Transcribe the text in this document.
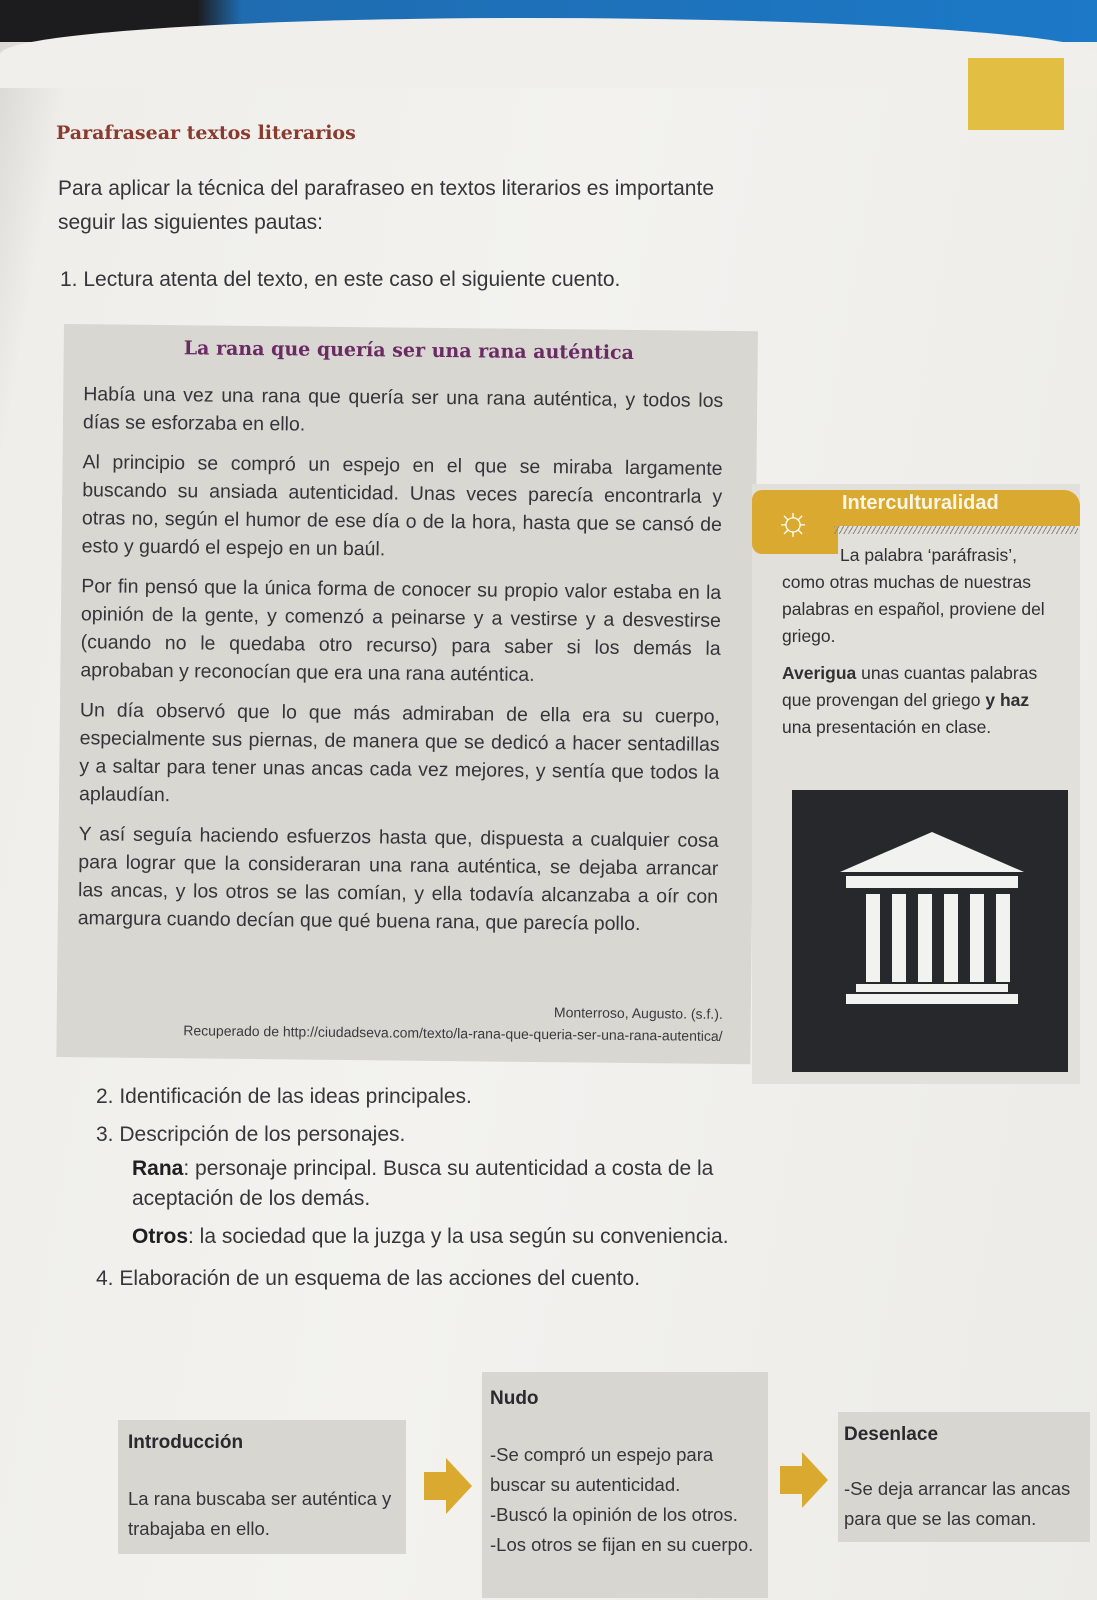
Parafrasear textos literarios
Para aplicar la técnica del parafraseo en textos literarios es importante seguir las siguientes pautas:
1. Lectura atenta del texto, en este caso el siguiente cuento.
La rana que quería ser una rana auténtica

Había una vez una rana que quería ser una rana auténtica, y todos los días se esforzaba en ello.

Al principio se compró un espejo en el que se miraba largamente buscando su ansiada autenticidad. Unas veces parecía encontrarla y otras no, según el humor de ese día o de la hora, hasta que se cansó de esto y guardó el espejo en un baúl.

Por fin pensó que la única forma de conocer su propio valor estaba en la opinión de la gente, y comenzó a peinarse y a vestirse y a desvestirse (cuando no le quedaba otro recurso) para saber si los demás la aprobaban y reconocían que era una rana auténtica.

Un día observó que lo que más admiraban de ella era su cuerpo, especialmente sus piernas, de manera que se dedicó a hacer sentadillas y a saltar para tener unas ancas cada vez mejores, y sentía que todos la aplaudían.

Y así seguía haciendo esfuerzos hasta que, dispuesta a cualquier cosa para lograr que la consideraran una rana auténtica, se dejaba arrancar las ancas, y los otros se las comían, y ella todavía alcanzaba a oír con amargura cuando decían que qué buena rana, que parecía pollo.

Monterroso, Augusto. (s.f.).
Recuperado de http://ciudadseva.com/texto/la-rana-que-queria-ser-una-rana-autentica/
☼	Interculturalidad

La palabra ‘paráfrasis’, como otras muchas de nuestras palabras en español, proviene del griego.

Averigua unas cuantas palabras que provengan del griego y haz una presentación en clase.

2. Identificación de las ideas principales.
3. Descripción de los personajes.
Rana: personaje principal. Busca su autenticidad a costa de la aceptación de los demás.
Otros: la sociedad que la juzga y la usa según su conveniencia.
4. Elaboración de un esquema de las acciones del cuento.
Introducción
La rana buscaba ser auténtica y trabajaba en ello.
Nudo
-Se compró un espejo para buscar su autenticidad.
-Buscó la opinión de los otros.
-Los otros se fijan en su cuerpo.
Desenlace
-Se deja arrancar las ancas para que se las coman.
